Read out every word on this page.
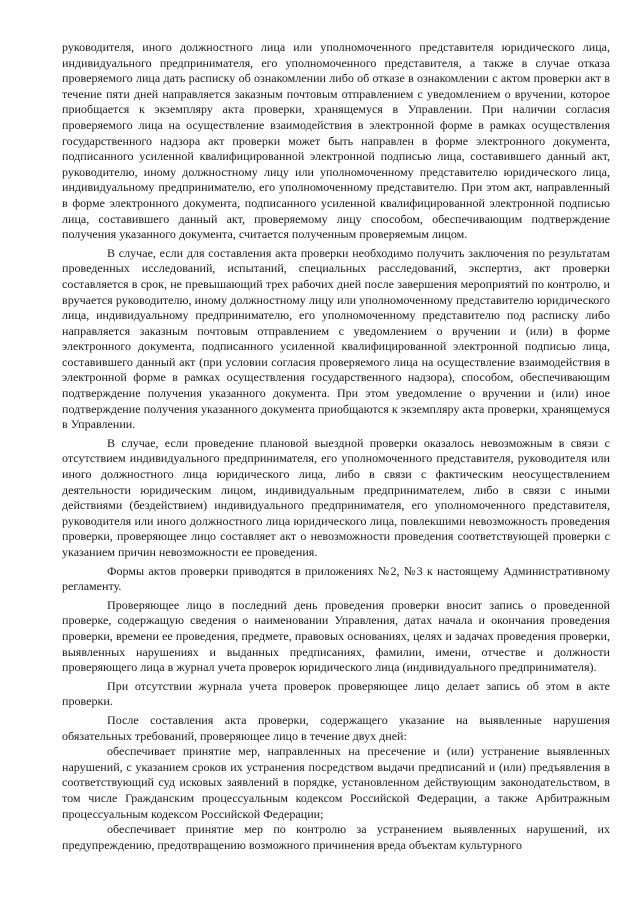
руководителя, иного должностного лица или уполномоченного представителя юридического лица, индивидуального предпринимателя, его уполномоченного представителя, а также в случае отказа проверяемого лица дать расписку об ознакомлении либо об отказе в ознакомлении с актом проверки акт в течение пяти дней направляется заказным почтовым отправлением с уведомлением о вручении, которое приобщается к экземпляру акта проверки, хранящемуся в Управлении. При наличии согласия проверяемого лица на осуществление взаимодействия в электронной форме в рамках осуществления государственного надзора акт проверки может быть направлен в форме электронного документа, подписанного усиленной квалифицированной электронной подписью лица, составившего данный акт, руководителю, иному должностному лицу или уполномоченному представителю юридического лица, индивидуальному предпринимателю, его уполномоченному представителю. При этом акт, направленный в форме электронного документа, подписанного усиленной квалифицированной электронной подписью лица, составившего данный акт, проверяемому лицу способом, обеспечивающим подтверждение получения указанного документа, считается полученным проверяемым лицом.

В случае, если для составления акта проверки необходимо получить заключения по результатам проведенных исследований, испытаний, специальных расследований, экспертиз, акт проверки составляется в срок, не превышающий трех рабочих дней после завершения мероприятий по контролю, и вручается руководителю, иному должностному лицу или уполномоченному представителю юридического лица, индивидуальному предпринимателю, его уполномоченному представителю под расписку либо направляется заказным почтовым отправлением с уведомлением о вручении и (или) в форме электронного документа, подписанного усиленной квалифицированной электронной подписью лица, составившего данный акт (при условии согласия проверяемого лица на осуществление взаимодействия в электронной форме в рамках осуществления государственного надзора), способом, обеспечивающим подтверждение получения указанного документа. При этом уведомление о вручении и (или) иное подтверждение получения указанного документа приобщаются к экземпляру акта проверки, хранящемуся в Управлении.

В случае, если проведение плановой выездной проверки оказалось невозможным в связи с отсутствием индивидуального предпринимателя, его уполномоченного представителя, руководителя или иного должностного лица юридического лица, либо в связи с фактическим неосуществлением деятельности юридическим лицом, индивидуальным предпринимателем, либо в связи с иными действиями (бездействием) индивидуального предпринимателя, его уполномоченного представителя, руководителя или иного должностного лица юридического лица, повлекшими невозможность проведения проверки, проверяющее лицо составляет акт о невозможности проведения соответствующей проверки с указанием причин невозможности ее проведения.

Формы актов проверки приводятся в приложениях №2, №3 к настоящему Административному регламенту.

Проверяющее лицо в последний день проведения проверки вносит запись о проведенной проверке, содержащую сведения о наименовании Управления, датах начала и окончания проведения проверки, времени ее проведения, предмете, правовых основаниях, целях и задачах проведения проверки, выявленных нарушениях и выданных предписаниях, фамилии, имени, отчестве и должности проверяющего лица в журнал учета проверок юридического лица (индивидуального предпринимателя).

При отсутствии журнала учета проверок проверяющее лицо делает запись об этом в акте проверки.

После составления акта проверки, содержащего указание на выявленные нарушения обязательных требований, проверяющее лицо в течение двух дней:

обеспечивает принятие мер, направленных на пресечение и (или) устранение выявленных нарушений, с указанием сроков их устранения посредством выдачи предписаний и (или) предъявления в соответствующий суд исковых заявлений в порядке, установленном действующим законодательством, в том числе Гражданским процессуальным кодексом Российской Федерации, а также Арбитражным процессуальным кодексом Российской Федерации;

обеспечивает принятие мер по контролю за устранением выявленных нарушений, их предупреждению, предотвращению возможного причинения вреда объектам культурного
